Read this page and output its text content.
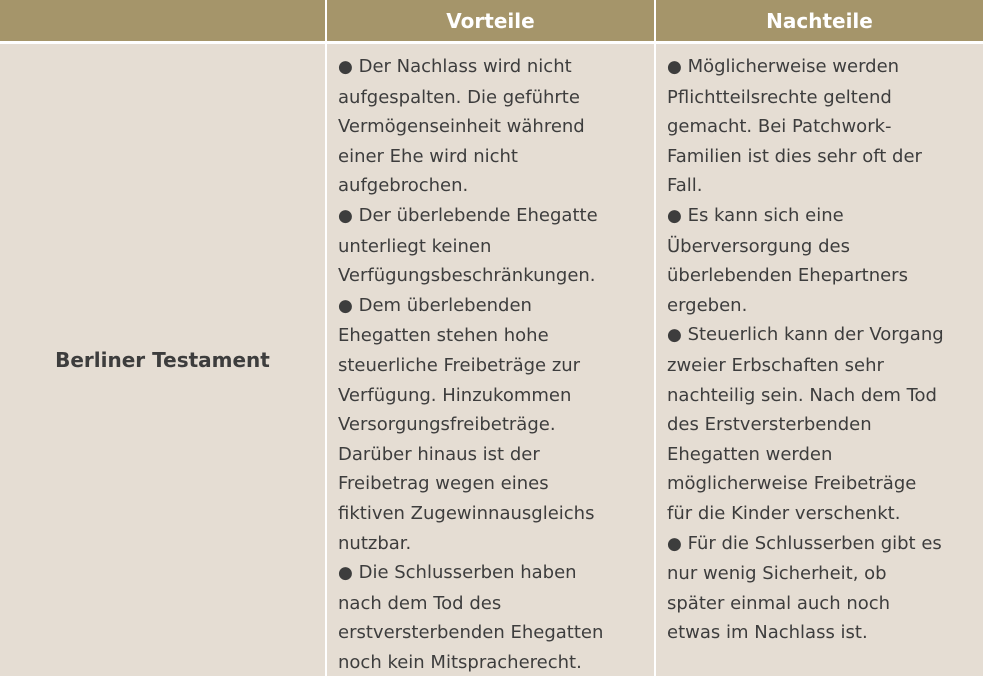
Vorteile	Nachteile
Berliner Testament
● Der Nachlass wird nicht
aufgespalten. Die geführte
Vermögenseinheit während
einer Ehe wird nicht
aufgebrochen.
● Der überlebende Ehegatte
unterliegt keinen
Verfügungsbeschränkungen.
● Dem überlebenden
Ehegatten stehen hohe
steuerliche Freibeträge zur
Verfügung. Hinzukommen
Versorgungsfreibeträge.
Darüber hinaus ist der
Freibetrag wegen eines
fiktiven Zugewinnausgleichs
nutzbar.
● Die Schlusserben haben
nach dem Tod des
erstversterbenden Ehegatten
noch kein Mitspracherecht.
● Möglicherweise werden
Pflichtteilsrechte geltend
gemacht. Bei Patchwork-
Familien ist dies sehr oft der
Fall.
● Es kann sich eine
Überversorgung des
überlebenden Ehepartners
ergeben.
● Steuerlich kann der Vorgang
zweier Erbschaften sehr
nachteilig sein. Nach dem Tod
des Erstversterbenden
Ehegatten werden
möglicherweise Freibeträge
für die Kinder verschenkt.
● Für die Schlusserben gibt es
nur wenig Sicherheit, ob
später einmal auch noch
etwas im Nachlass ist.
